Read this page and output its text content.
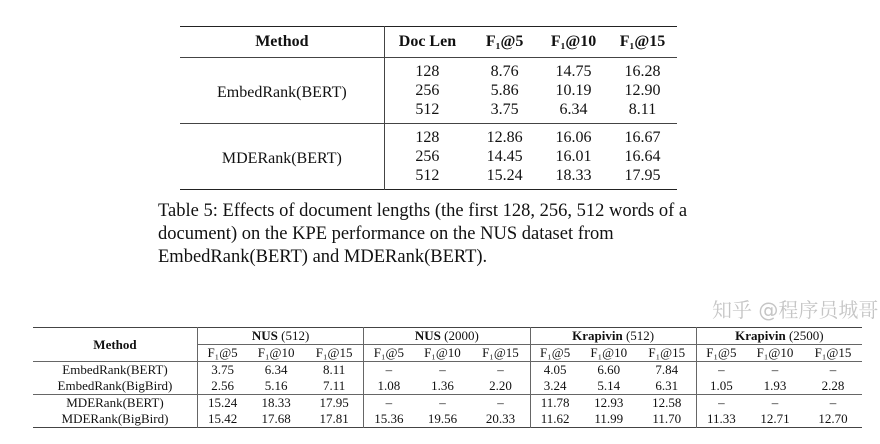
Method	Doc Len	F₁@5	F₁@10	F₁@15
EmbedRank(BERT)	128	8.76	14.75	16.28
	256	5.86	10.19	12.90
	512	3.75	6.34	8.11
MDERank(BERT)	128	12.86	16.06	16.67
	256	14.45	16.01	16.64
	512	15.24	18.33	17.95
Table 5: Effects of document lengths (the first 128, 256, 512 words of a document) on the KPE performance on the NUS dataset from EmbedRank(BERT) and MDERank(BERT).
Method	NUS (512)			NUS (2000)			Krapivin (512)			Krapivin (2500)		
	F₁@5	F₁@10	F₁@15	F₁@5	F₁@10	F₁@15	F₁@5	F₁@10	F₁@15	F₁@5	F₁@10	F₁@15
EmbedRank(BERT)	3.75	6.34	8.11	–	–	–	4.05	6.60	7.84	–	–	–
EmbedRank(BigBird)	2.56	5.16	7.11	1.08	1.36	2.20	3.24	5.14	6.31	1.05	1.93	2.28
MDERank(BERT)	15.24	18.33	17.95	–	–	–	11.78	12.93	12.58	–	–	–
MDERank(BigBird)	15.42	17.68	17.81	15.36	19.56	20.33	11.62	11.99	11.70	11.33	12.71	12.70
知乎 @程序员城哥
